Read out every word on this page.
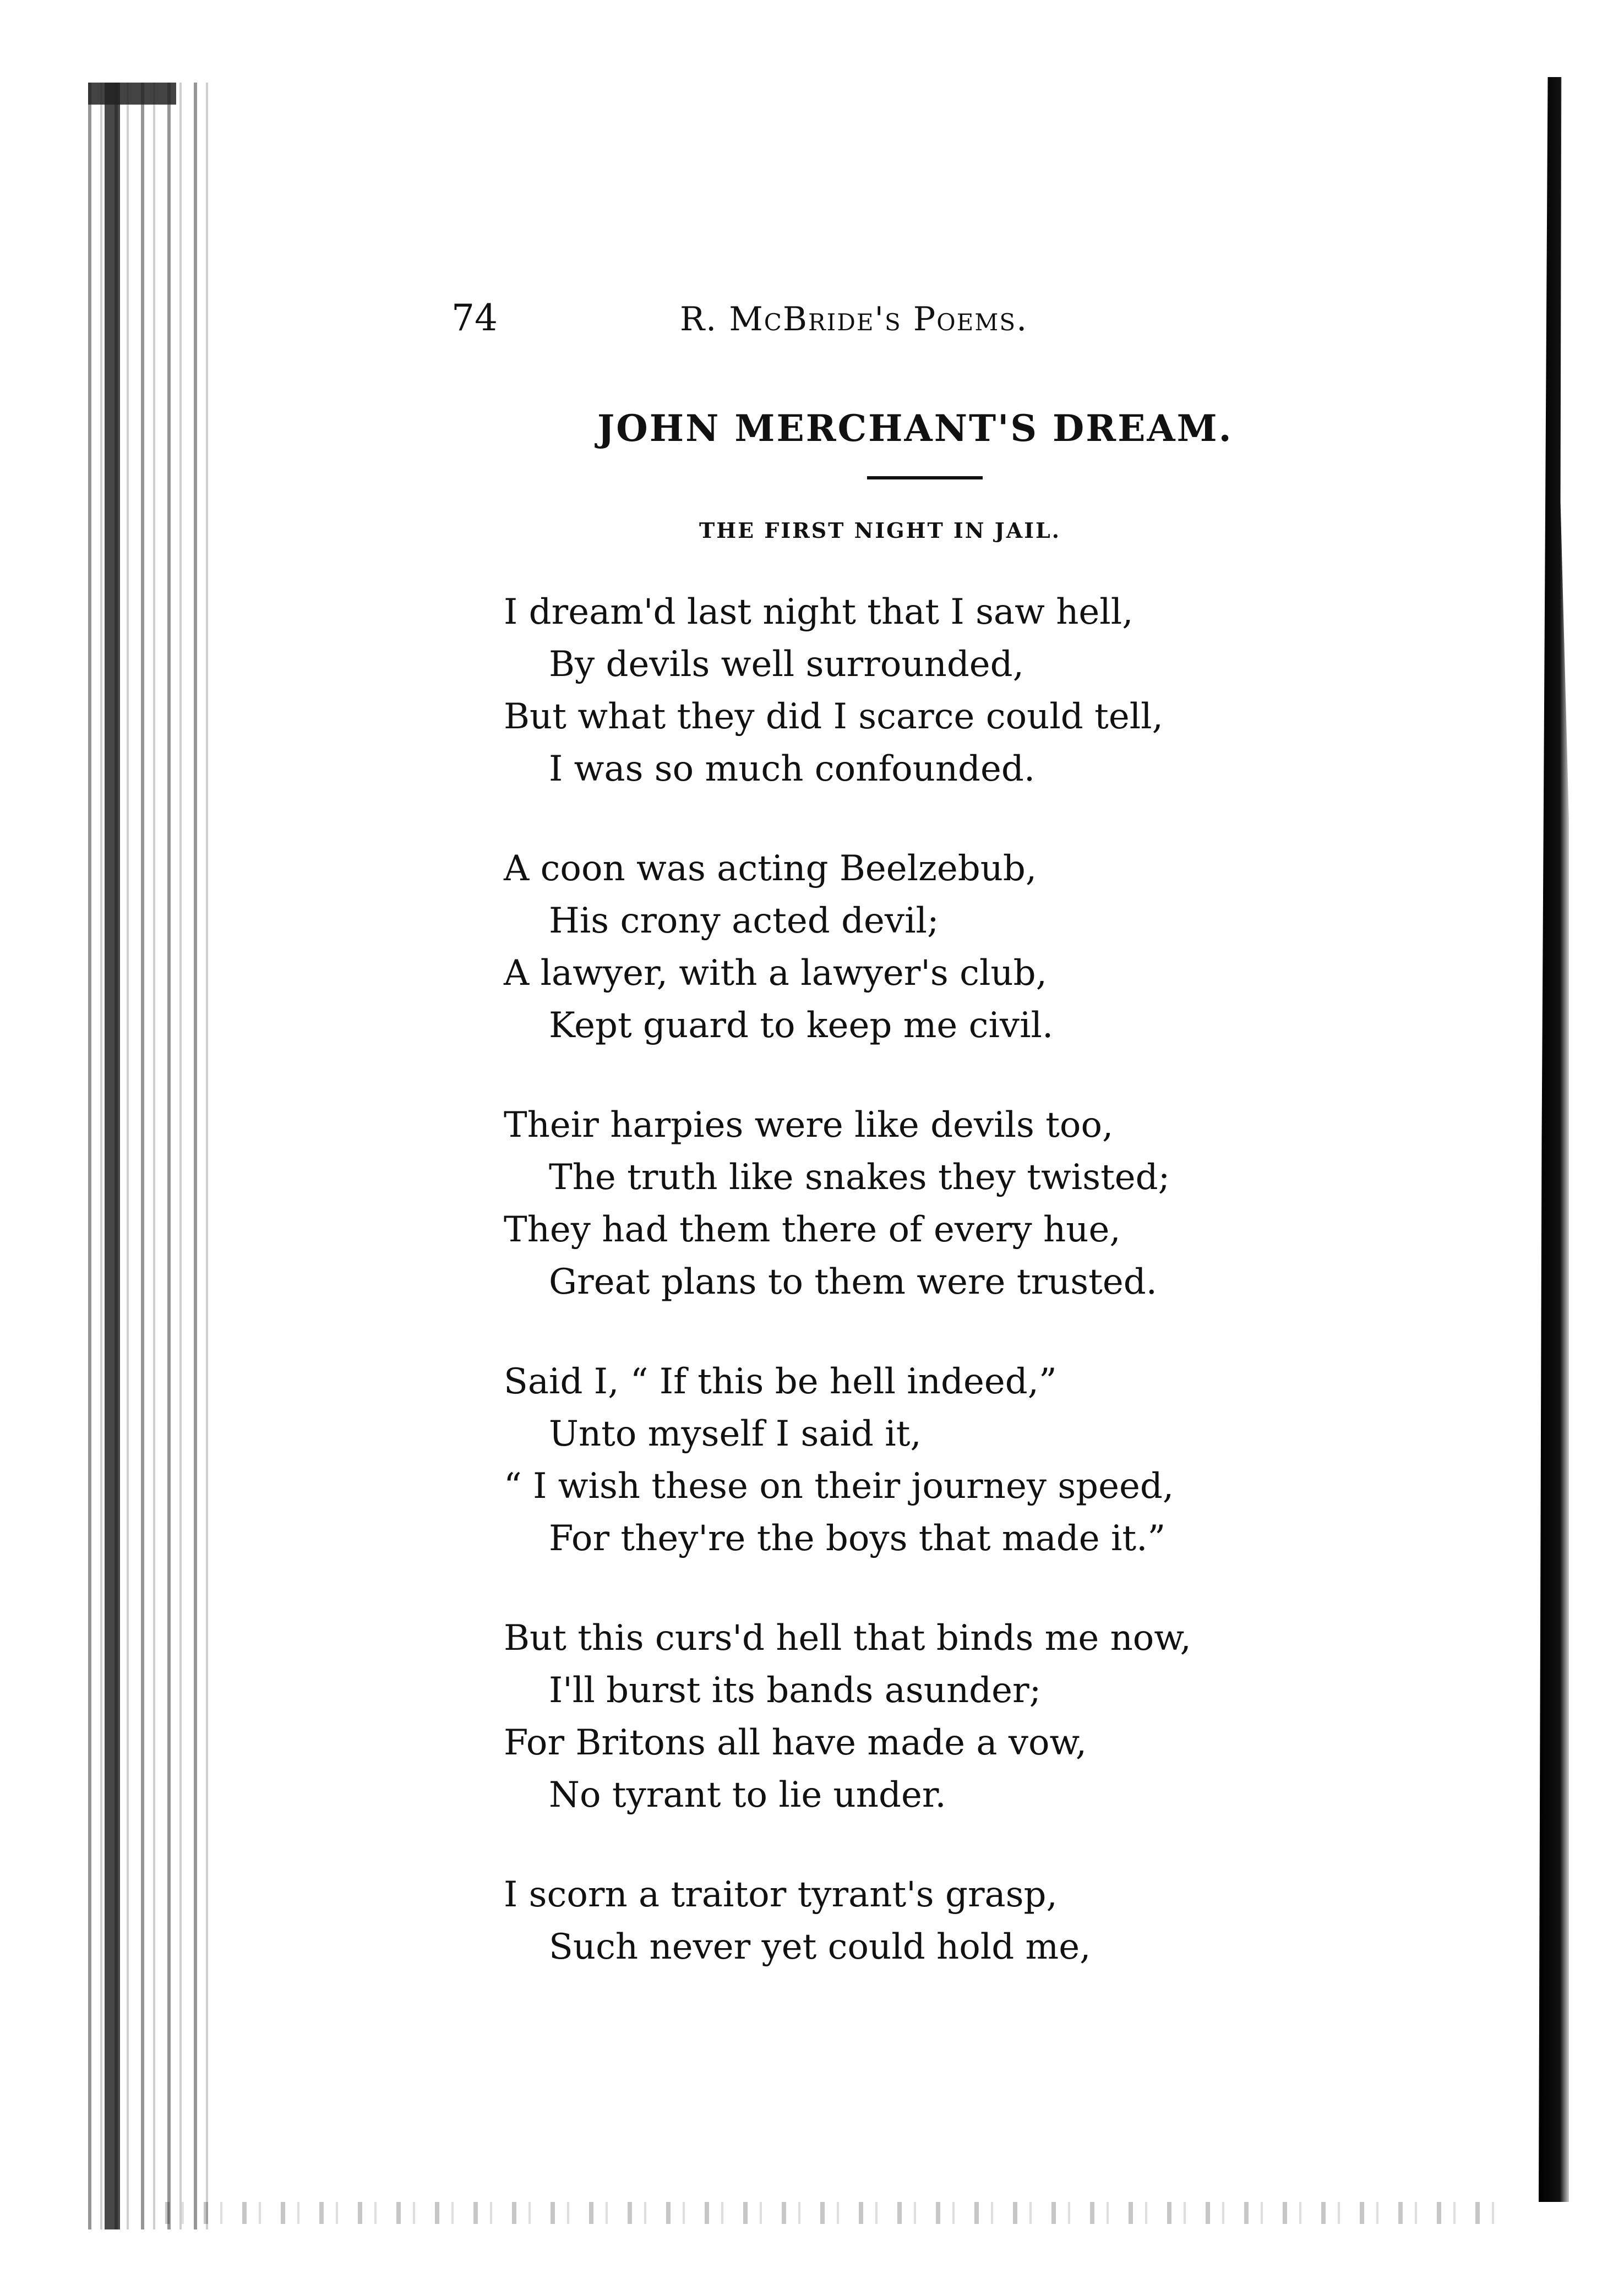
74	R. McBride's Poems.
JOHN MERCHANT'S DREAM.
THE FIRST NIGHT IN JAIL.
I dream'd last night that I saw hell,
By devils well surrounded,
But what they did I scarce could tell,
I was so much confounded.
A coon was acting Beelzebub,
His crony acted devil;
A lawyer, with a lawyer's club,
Kept guard to keep me civil.
Their harpies were like devils too,
The truth like snakes they twisted;
They had them there of every hue,
Great plans to them were trusted.
Said I, “ If this be hell indeed,”
Unto myself I said it,
“ I wish these on their journey speed,
For they're the boys that made it.”
But this curs'd hell that binds me now,
I'll burst its bands asunder;
For Britons all have made a vow,
No tyrant to lie under.
I scorn a traitor tyrant's grasp,
Such never yet could hold me,
